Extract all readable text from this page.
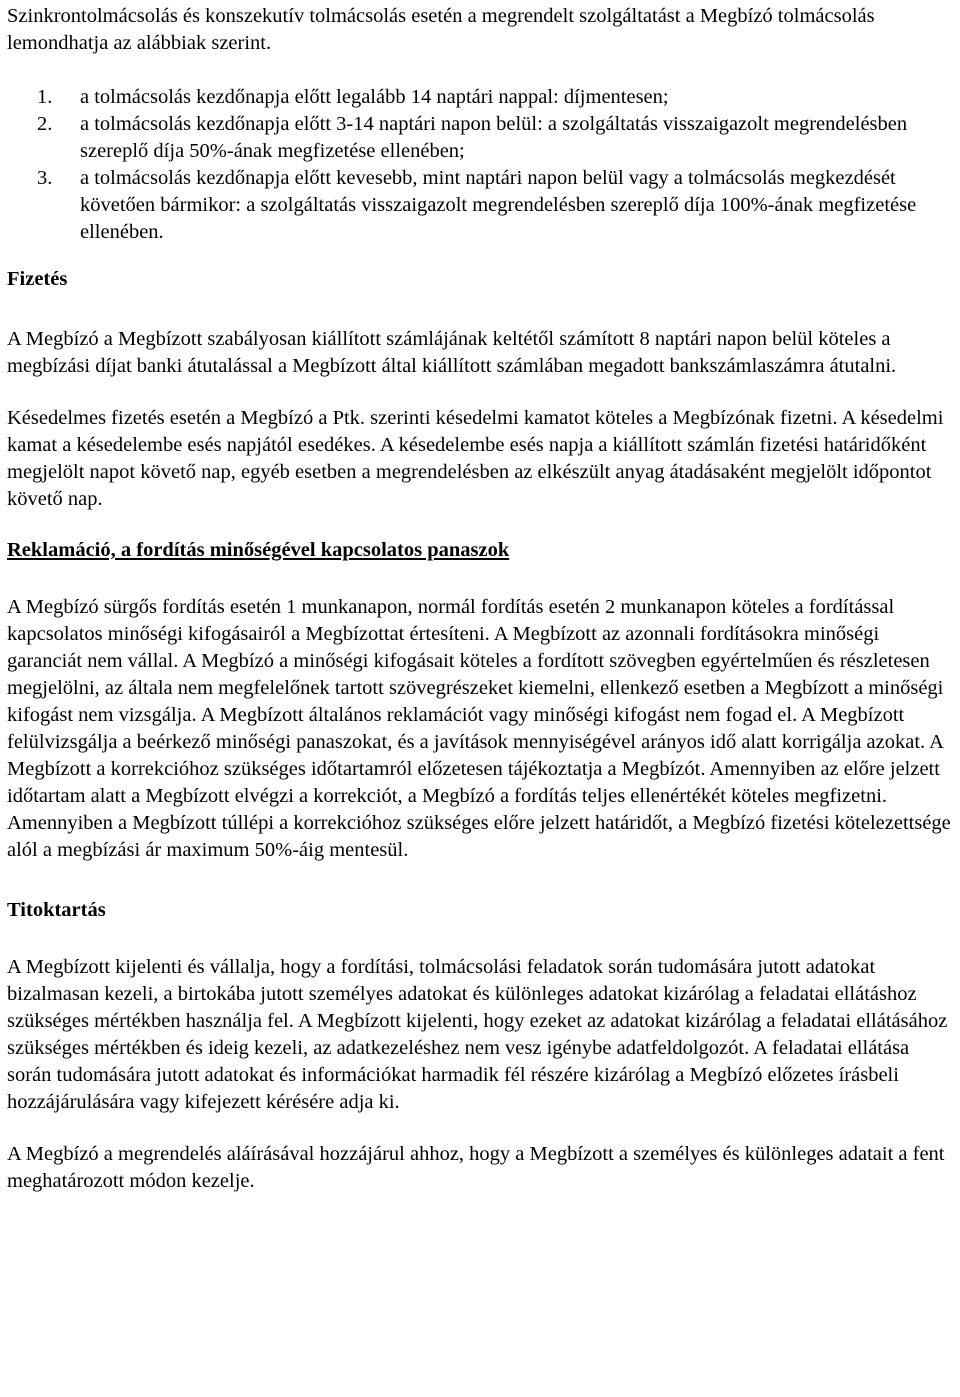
Szinkrontolmácsolás és konszekutív tolmácsolás esetén a megrendelt szolgáltatást a Megbízó tolmácsolás lemondhatja az alábbiak szerint.

1. a tolmácsolás kezdőnapja előtt legalább 14 naptári nappal: díjmentesen;
2. a tolmácsolás kezdőnapja előtt 3-14 naptári napon belül: a szolgáltatás visszaigazolt megrendelésben szereplő díja 50%-ának megfizetése ellenében;
3. a tolmácsolás kezdőnapja előtt kevesebb, mint naptári napon belül vagy a tolmácsolás megkezdését követően bármikor: a szolgáltatás visszaigazolt megrendelésben szereplő díja 100%-ának megfizetése ellenében.
Fizetés

A Megbízó a Megbízott szabályosan kiállított számlájának keltétől számított 8 naptári napon belül köteles a megbízási díjat banki átutalással a Megbízott által kiállított számlában megadott bankszámlaszámra átutalni.

Késedelmes fizetés esetén a Megbízó a Ptk. szerinti késedelmi kamatot köteles a Megbízónak fizetni. A késedelmi kamat a késedelembe esés napjától esedékes. A késedelembe esés napja a kiállított számlán fizetési határidőként megjelölt napot követő nap, egyéb esetben a megrendelésben az elkészült anyag átadásaként megjelölt időpontot követő nap.

Reklamáció, a fordítás minőségével kapcsolatos panaszok

A Megbízó sürgős fordítás esetén 1 munkanapon, normál fordítás esetén 2 munkanapon köteles a fordítással kapcsolatos minőségi kifogásairól a Megbízottat értesíteni. A Megbízott az azonnali fordításokra minőségi garanciát nem vállal. A Megbízó a minőségi kifogásait köteles a fordított szövegben egyértelműen és részletesen megjelölni, az általa nem megfelelőnek tartott szövegrészeket kiemelni, ellenkező esetben a Megbízott a minőségi kifogást nem vizsgálja. A Megbízott általános reklamációt vagy minőségi kifogást nem fogad el. A Megbízott felülvizsgálja a beérkező minőségi panaszokat, és a javítások mennyiségével arányos idő alatt korrigálja azokat. A Megbízott a korrekcióhoz szükséges időtartamról előzetesen tájékoztatja a Megbízót. Amennyiben az előre jelzett időtartam alatt a Megbízott elvégzi a korrekciót, a Megbízó a fordítás teljes ellenértékét köteles megfizetni. Amennyiben a Megbízott túllépi a korrekcióhoz szükséges előre jelzett határidőt, a Megbízó fizetési kötelezettsége alól a megbízási ár maximum 50%-áig mentesül.

Titoktartás

A Megbízott kijelenti és vállalja, hogy a fordítási, tolmácsolási feladatok során tudomására jutott adatokat bizalmasan kezeli, a birtokába jutott személyes adatokat és különleges adatokat kizárólag a feladatai ellátáshoz szükséges mértékben használja fel. A Megbízott kijelenti, hogy ezeket az adatokat kizárólag a feladatai ellátásához szükséges mértékben és ideig kezeli, az adatkezeléshez nem vesz igénybe adatfeldolgozót. A feladatai ellátása során tudomására jutott adatokat és információkat harmadik fél részére kizárólag a Megbízó előzetes írásbeli hozzájárulására vagy kifejezett kérésére adja ki.

A Megbízó a megrendelés aláírásával hozzájárul ahhoz, hogy a Megbízott a személyes és különleges adatait a fent meghatározott módon kezelje.
